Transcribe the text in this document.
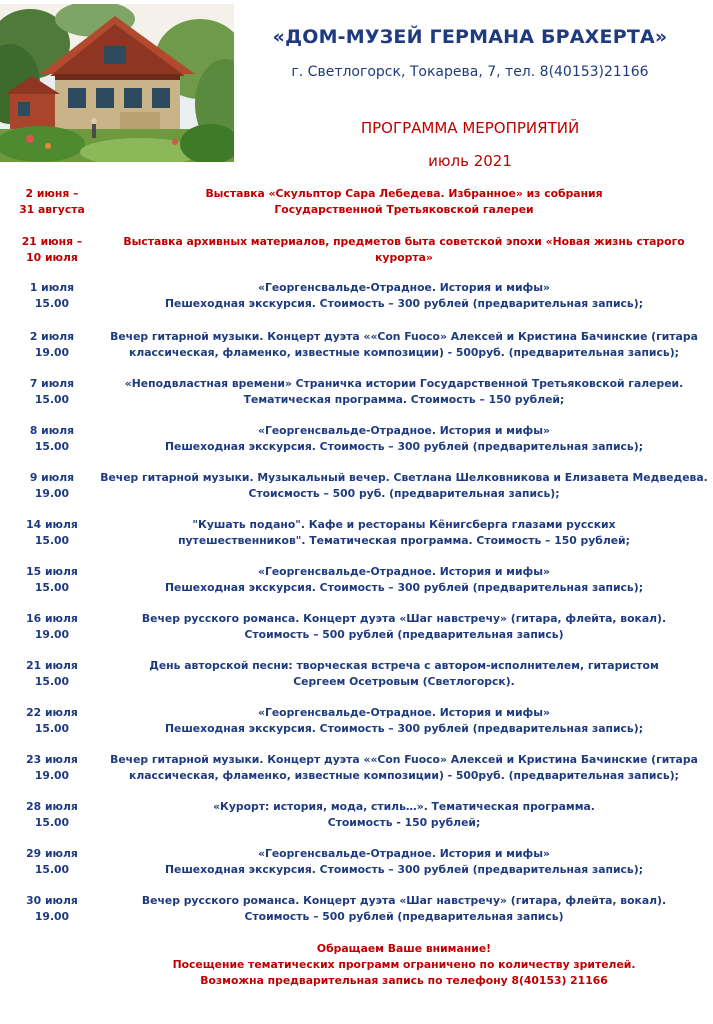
«ДОМ-МУЗЕЙ ГЕРМАНА БРАХЕРТА»
г. Светлогорск, Токарева, 7, тел. 8(40153)21166
ПРОГРАММА МЕРОПРИЯТИЙ
июль 2021
2 июня –
31 августа
Выставка «Скульптор Сара Лебедева. Избранное» из собрания
Государственной Третьяковской галереи
21 июня –
10 июля
Выставка архивных материалов, предметов быта советской эпохи «Новая жизнь старого
курорта»
1 июля
15.00
«Георгенсвальде-Отрадное. История и мифы»
Пешеходная экскурсия. Стоимость – 300 рублей (предварительная запись);
2 июля
19.00
Вечер гитарной музыки. Концерт дуэта ««Con Fuoco» Алексей и Кристина Бачинские (гитара
классическая, фламенко, известные композиции) - 500руб. (предварительная запись);
7 июля
15.00
«Неподвластная времени» Страничка истории Государственной Третьяковской галереи.
Тематическая программа. Стоимость – 150 рублей;
8 июля
15.00
«Георгенсвальде-Отрадное. История и мифы»
Пешеходная экскурсия. Стоимость – 300 рублей (предварительная запись);
9 июля
19.00
Вечер гитарной музыки. Музыкальный вечер. Светлана Шелковникова и Елизавета Медведева.
Стоисмость – 500 руб. (предварительная запись);
14 июля
15.00
"Кушать подано". Кафе и рестораны Кёнигсберга глазами русских
путешественников". Тематическая программа. Стоимость – 150 рублей;
15 июля
15.00
«Георгенсвальде-Отрадное. История и мифы»
Пешеходная экскурсия. Стоимость – 300 рублей (предварительная запись);
16 июля
19.00
Вечер русского романса. Концерт дуэта «Шаг навстречу» (гитара, флейта, вокал).
Стоимость – 500 рублей (предварительная запись)
21 июля
15.00
День авторской песни: творческая встреча с автором-исполнителем, гитаристом
Сергеем Осетровым (Светлогорск).
22 июля
15.00
«Георгенсвальде-Отрадное. История и мифы»
Пешеходная экскурсия. Стоимость – 300 рублей (предварительная запись);
23 июля
19.00
Вечер гитарной музыки. Концерт дуэта ««Con Fuoco» Алексей и Кристина Бачинские (гитара
классическая, фламенко, известные композиции) - 500руб. (предварительная запись);
28 июля
15.00
«Курорт: история, мода, стиль…». Тематическая программа.
Стоимость - 150 рублей;
29 июля
15.00
«Георгенсвальде-Отрадное. История и мифы»
Пешеходная экскурсия. Стоимость – 300 рублей (предварительная запись);
30 июля
19.00
Вечер русского романса. Концерт дуэта «Шаг навстречу» (гитара, флейта, вокал).
Стоимость – 500 рублей (предварительная запись)
Обращаем Ваше внимание!
Посещение тематических программ ограничено по количеству зрителей.
Возможна предварительная запись по телефону 8(40153) 21166
